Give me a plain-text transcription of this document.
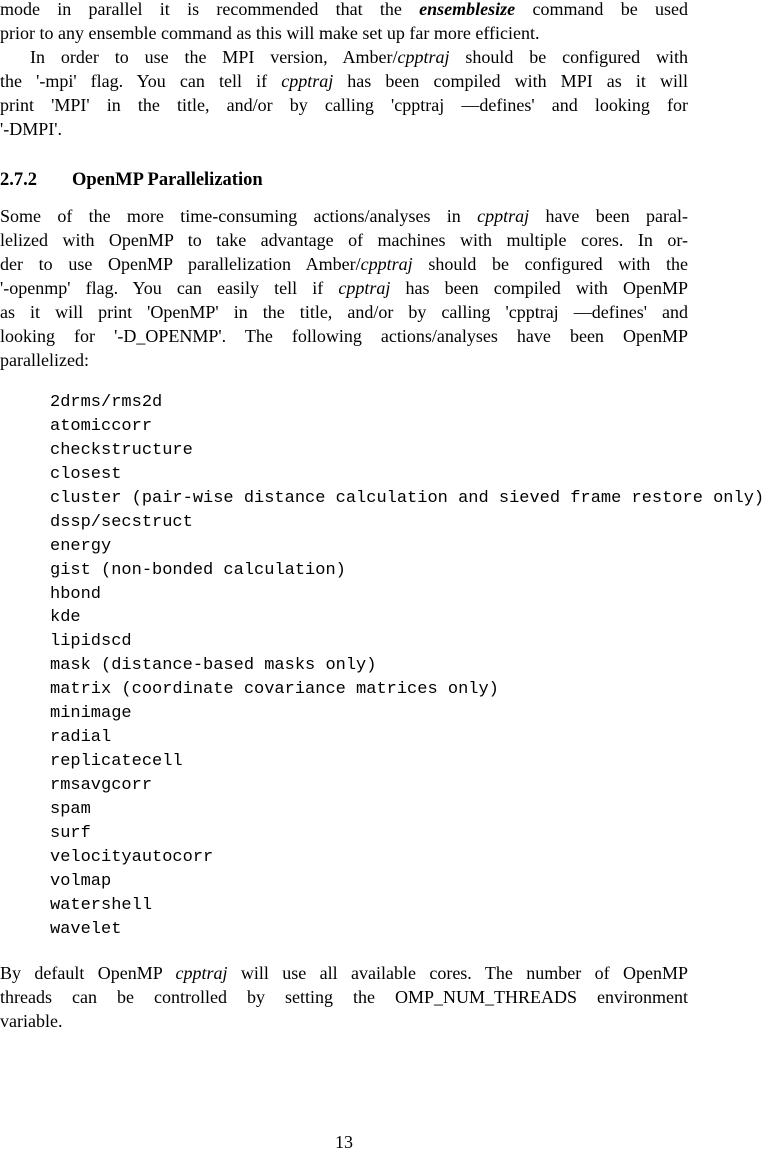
mode in parallel it is recommended that the ensemblesize command be used
prior to any ensemble command as this will make set up far more efficient.
In order to use the MPI version, Amber/cpptraj should be configured with
the '-mpi' flag. You can tell if cpptraj has been compiled with MPI as it will
print 'MPI' in the title, and/or by calling 'cpptraj —defines' and looking for
'-DMPI'.
2.7.2 OpenMP Parallelization
Some of the more time-consuming actions/analyses in cpptraj have been paral-
lelized with OpenMP to take advantage of machines with multiple cores. In or-
der to use OpenMP parallelization Amber/cpptraj should be configured with the
'-openmp' flag. You can easily tell if cpptraj has been compiled with OpenMP
as it will print 'OpenMP' in the title, and/or by calling 'cpptraj —defines' and
looking for '-D_OPENMP'. The following actions/analyses have been OpenMP
parallelized:
2drms/rms2d
atomiccorr
checkstructure
closest
cluster (pair-wise distance calculation and sieved frame restore only)
dssp/secstruct
energy
gist (non-bonded calculation)
hbond
kde
lipidscd
mask (distance-based masks only)
matrix (coordinate covariance matrices only)
minimage
radial
replicatecell
rmsavgcorr
spam
surf
velocityautocorr
volmap
watershell
wavelet
By default OpenMP cpptraj will use all available cores. The number of OpenMP
threads can be controlled by setting the OMP_NUM_THREADS environment
variable.
13
